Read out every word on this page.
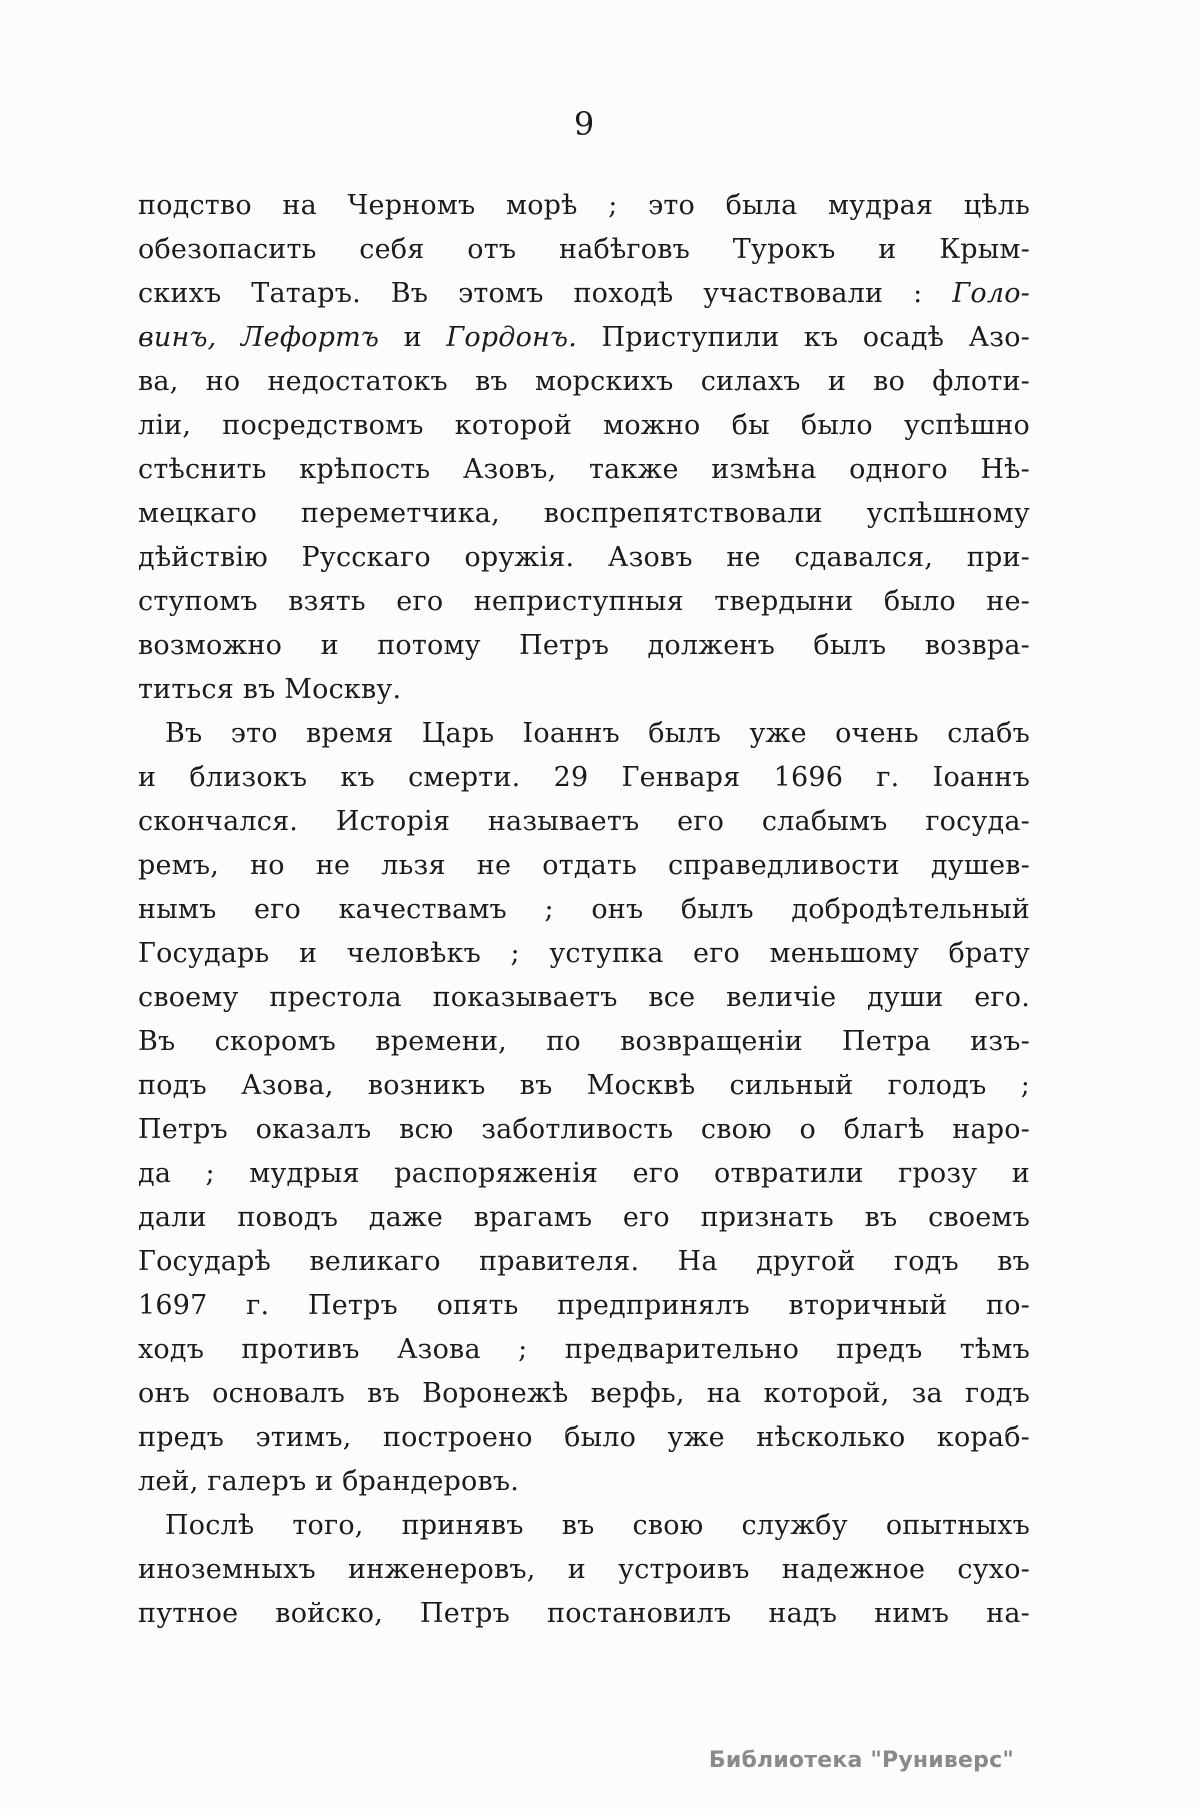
9
подство на Черномъ морѣ ; это была мудрая цѣль
обезопасить себя отъ набѣговъ Турокъ и Крым-
скихъ Татаръ. Въ этомъ походѣ участвовали : Голо-
винъ, Лефортъ и Гордонъ. Приступили къ осадѣ Азо-
ва, но недостатокъ въ морскихъ силахъ и во флоти-
ліи, посредствомъ которой можно бы было успѣшно
стѣснить крѣпость Азовъ, также измѣна одного Нѣ-
мецкаго переметчика, воспрепятствовали успѣшному
дѣйствію Русскаго оружія. Азовъ не сдавался, при-
ступомъ взять его неприступныя твердыни было не-
возможно и потому Петръ долженъ былъ возвра-
титься въ Москву.
Въ это время Царь Іоаннъ былъ уже очень слабъ
и близокъ къ смерти. 29 Генваря 1696 г. Іоаннъ
скончался. Исторія называетъ его слабымъ госуда-
ремъ, но не льзя не отдать справедливости душев-
нымъ его качествамъ ; онъ былъ добродѣтельный
Государь и человѣкъ ; уступка его меньшому брату
своему престола показываетъ все величіе души его.
Въ скоромъ времени, по возвращеніи Петра изъ-
подъ Азова, возникъ въ Москвѣ сильный голодъ ;
Петръ оказалъ всю заботливость свою о благѣ наро-
да ; мудрыя распоряженія его отвратили грозу и
дали поводъ даже врагамъ его признать въ своемъ
Государѣ великаго правителя. На другой годъ въ
1697 г. Петръ опять предпринялъ вторичный по-
ходъ противъ Азова ; предварительно предъ тѣмъ
онъ основалъ въ Воронежѣ верфь, на которой, за годъ
предъ этимъ, построено было уже нѣсколько кораб-
лей, галеръ и брандеровъ.
Послѣ того, принявъ въ свою службу опытныхъ
иноземныхъ инженеровъ, и устроивъ надежное сухо-
путное войско, Петръ постановилъ надъ нимъ на-
Библиотека "Руниверс"
